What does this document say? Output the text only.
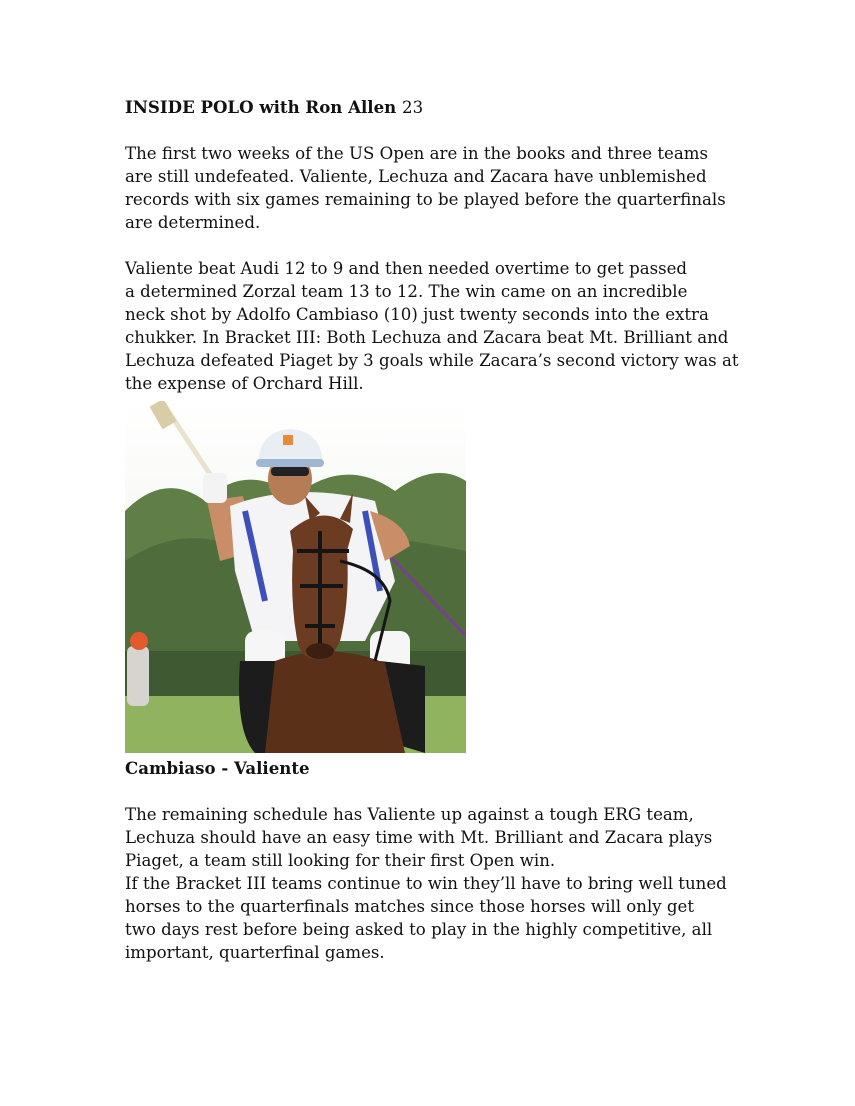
INSIDE POLO with Ron Allen 23
The first two weeks of the US Open are in the books and three teams
are still undefeated. Valiente, Lechuza and Zacara have unblemished
records with six games remaining to be played before the quarterfinals
are determined.
Valiente beat Audi 12 to 9 and then needed overtime to get passed
a determined Zorzal team 13 to 12. The win came on an incredible
neck shot by Adolfo Cambiaso (10) just twenty seconds into the extra
chukker. In Bracket III: Both Lechuza and Zacara beat Mt. Brilliant and
Lechuza defeated Piaget by 3 goals while Zacara’s second victory was at
the expense of Orchard Hill.
Cambiaso - Valiente
The remaining schedule has Valiente up against a tough ERG team,
Lechuza should have an easy time with Mt. Brilliant and Zacara plays
Piaget, a team still looking for their first Open win.
If the Bracket III teams continue to win they’ll have to bring well tuned
horses to the quarterfinals matches since those horses will only get
two days rest before being asked to play in the highly competitive, all
important, quarterfinal games.
